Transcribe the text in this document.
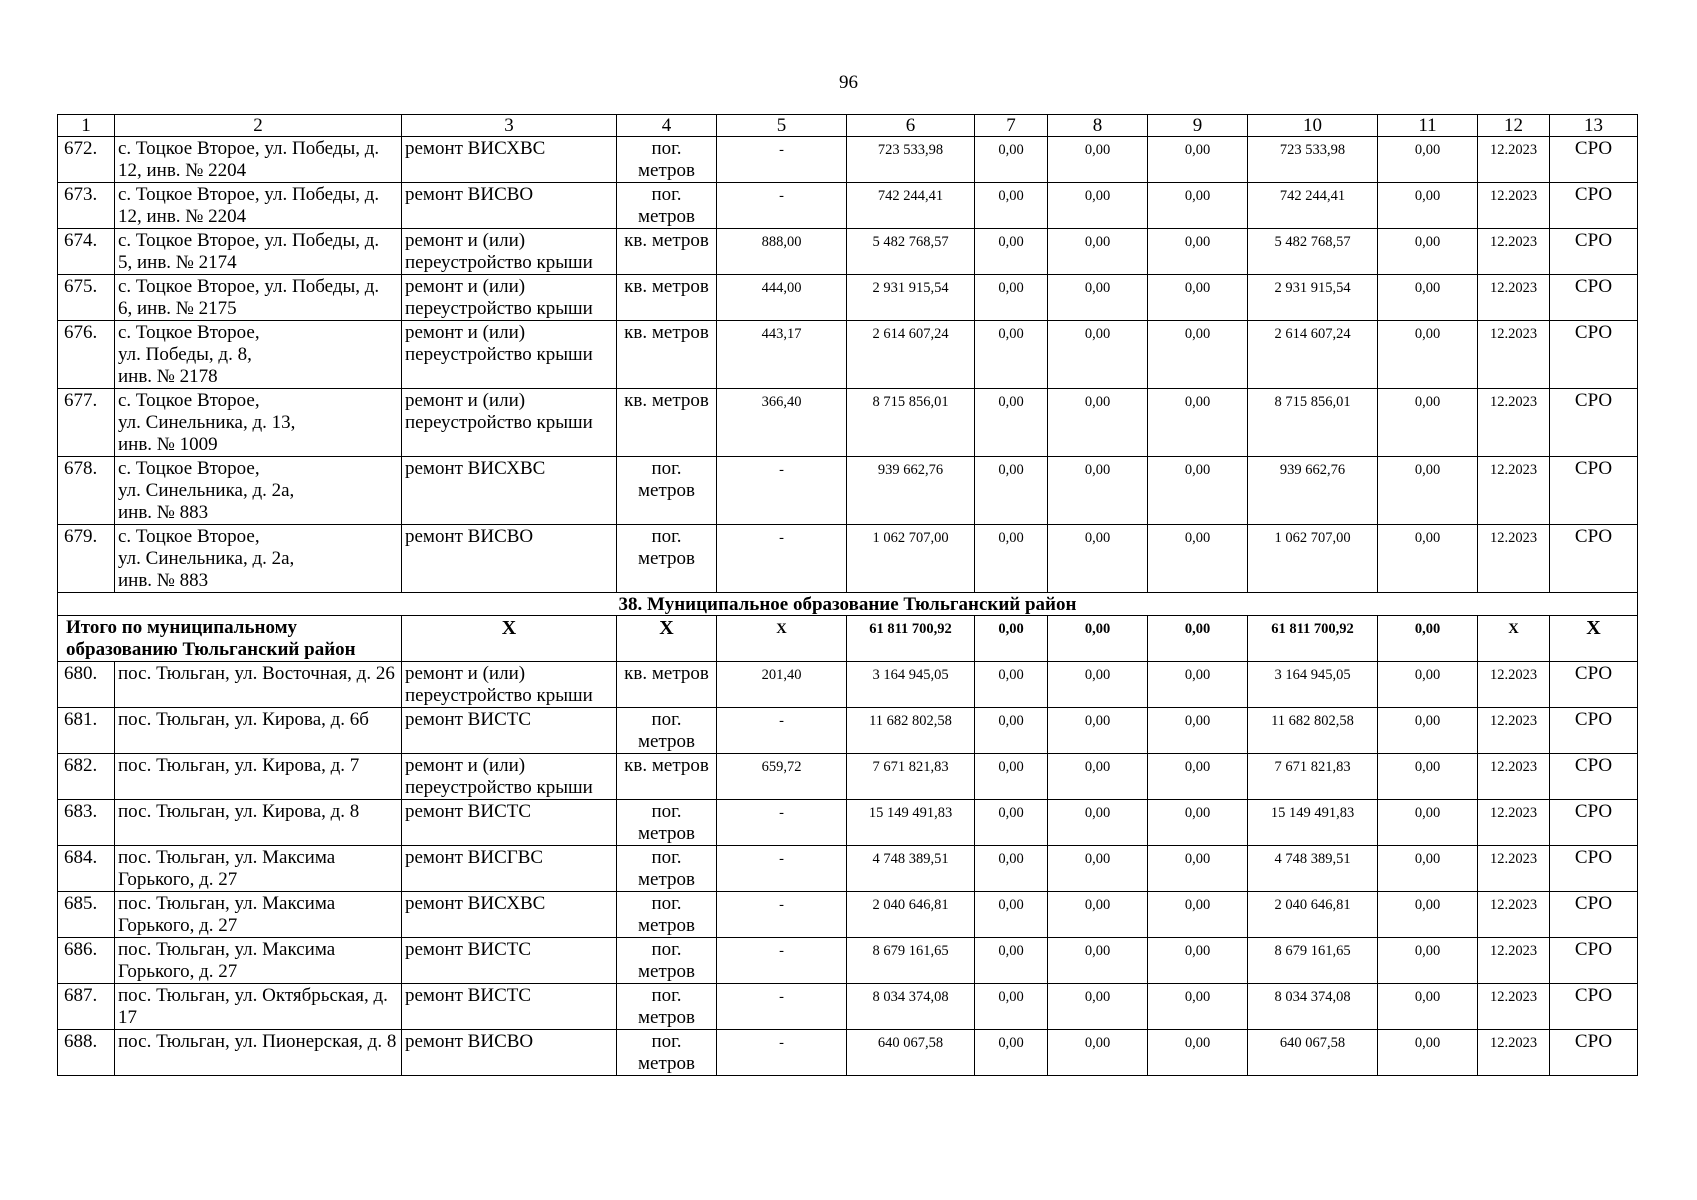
96
1	2	3	4	5	6	7	8	9	10	11	12	13
672.	с. Тоцкое Второе, ул. Победы, д. 12, инв. № 2204	ремонт ВИСХВС	пог. метров	-	723 533,98	0,00	0,00	0,00	723 533,98	0,00	12.2023	СРО
673.	с. Тоцкое Второе, ул. Победы, д. 12, инв. № 2204	ремонт ВИСВО	пог. метров	-	742 244,41	0,00	0,00	0,00	742 244,41	0,00	12.2023	СРО
674.	с. Тоцкое Второе, ул. Победы, д. 5, инв. № 2174	ремонт и (или) переустройство крыши	кв. метров	888,00	5 482 768,57	0,00	0,00	0,00	5 482 768,57	0,00	12.2023	СРО
675.	с. Тоцкое Второе, ул. Победы, д. 6, инв. № 2175	ремонт и (или) переустройство крыши	кв. метров	444,00	2 931 915,54	0,00	0,00	0,00	2 931 915,54	0,00	12.2023	СРО
676.	с. Тоцкое Второе,
ул. Победы, д. 8,
инв. № 2178	ремонт и (или) переустройство крыши	кв. метров	443,17	2 614 607,24	0,00	0,00	0,00	2 614 607,24	0,00	12.2023	СРО
677.	с. Тоцкое Второе,
ул. Синельника, д. 13,
инв. № 1009	ремонт и (или) переустройство крыши	кв. метров	366,40	8 715 856,01	0,00	0,00	0,00	8 715 856,01	0,00	12.2023	СРО
678.	с. Тоцкое Второе,
ул. Синельника, д. 2а,
инв. № 883	ремонт ВИСХВС	пог. метров	-	939 662,76	0,00	0,00	0,00	939 662,76	0,00	12.2023	СРО
679.	с. Тоцкое Второе,
ул. Синельника, д. 2а,
инв. № 883	ремонт ВИСВО	пог. метров	-	1 062 707,00	0,00	0,00	0,00	1 062 707,00	0,00	12.2023	СРО
38. Муниципальное образование Тюльганский район												
Итого по муниципальному образованию Тюльганский район		X	X	X	61 811 700,92	0,00	0,00	0,00	61 811 700,92	0,00	X	X
680.	пос. Тюльган, ул. Восточная, д. 26	ремонт и (или) переустройство крыши	кв. метров	201,40	3 164 945,05	0,00	0,00	0,00	3 164 945,05	0,00	12.2023	СРО
681.	пос. Тюльган, ул. Кирова, д. 6б	ремонт ВИСТС	пог. метров	-	11 682 802,58	0,00	0,00	0,00	11 682 802,58	0,00	12.2023	СРО
682.	пос. Тюльган, ул. Кирова, д. 7	ремонт и (или) переустройство крыши	кв. метров	659,72	7 671 821,83	0,00	0,00	0,00	7 671 821,83	0,00	12.2023	СРО
683.	пос. Тюльган, ул. Кирова, д. 8	ремонт ВИСТС	пог. метров	-	15 149 491,83	0,00	0,00	0,00	15 149 491,83	0,00	12.2023	СРО
684.	пос. Тюльган, ул. Максима Горького, д. 27	ремонт ВИСГВС	пог. метров	-	4 748 389,51	0,00	0,00	0,00	4 748 389,51	0,00	12.2023	СРО
685.	пос. Тюльган, ул. Максима Горького, д. 27	ремонт ВИСХВС	пог. метров	-	2 040 646,81	0,00	0,00	0,00	2 040 646,81	0,00	12.2023	СРО
686.	пос. Тюльган, ул. Максима Горького, д. 27	ремонт ВИСТС	пог. метров	-	8 679 161,65	0,00	0,00	0,00	8 679 161,65	0,00	12.2023	СРО
687.	пос. Тюльган, ул. Октябрьская, д. 17	ремонт ВИСТС	пог. метров	-	8 034 374,08	0,00	0,00	0,00	8 034 374,08	0,00	12.2023	СРО
688.	пос. Тюльган, ул. Пионерская, д. 8	ремонт ВИСВО	пог. метров	-	640 067,58	0,00	0,00	0,00	640 067,58	0,00	12.2023	СРО
